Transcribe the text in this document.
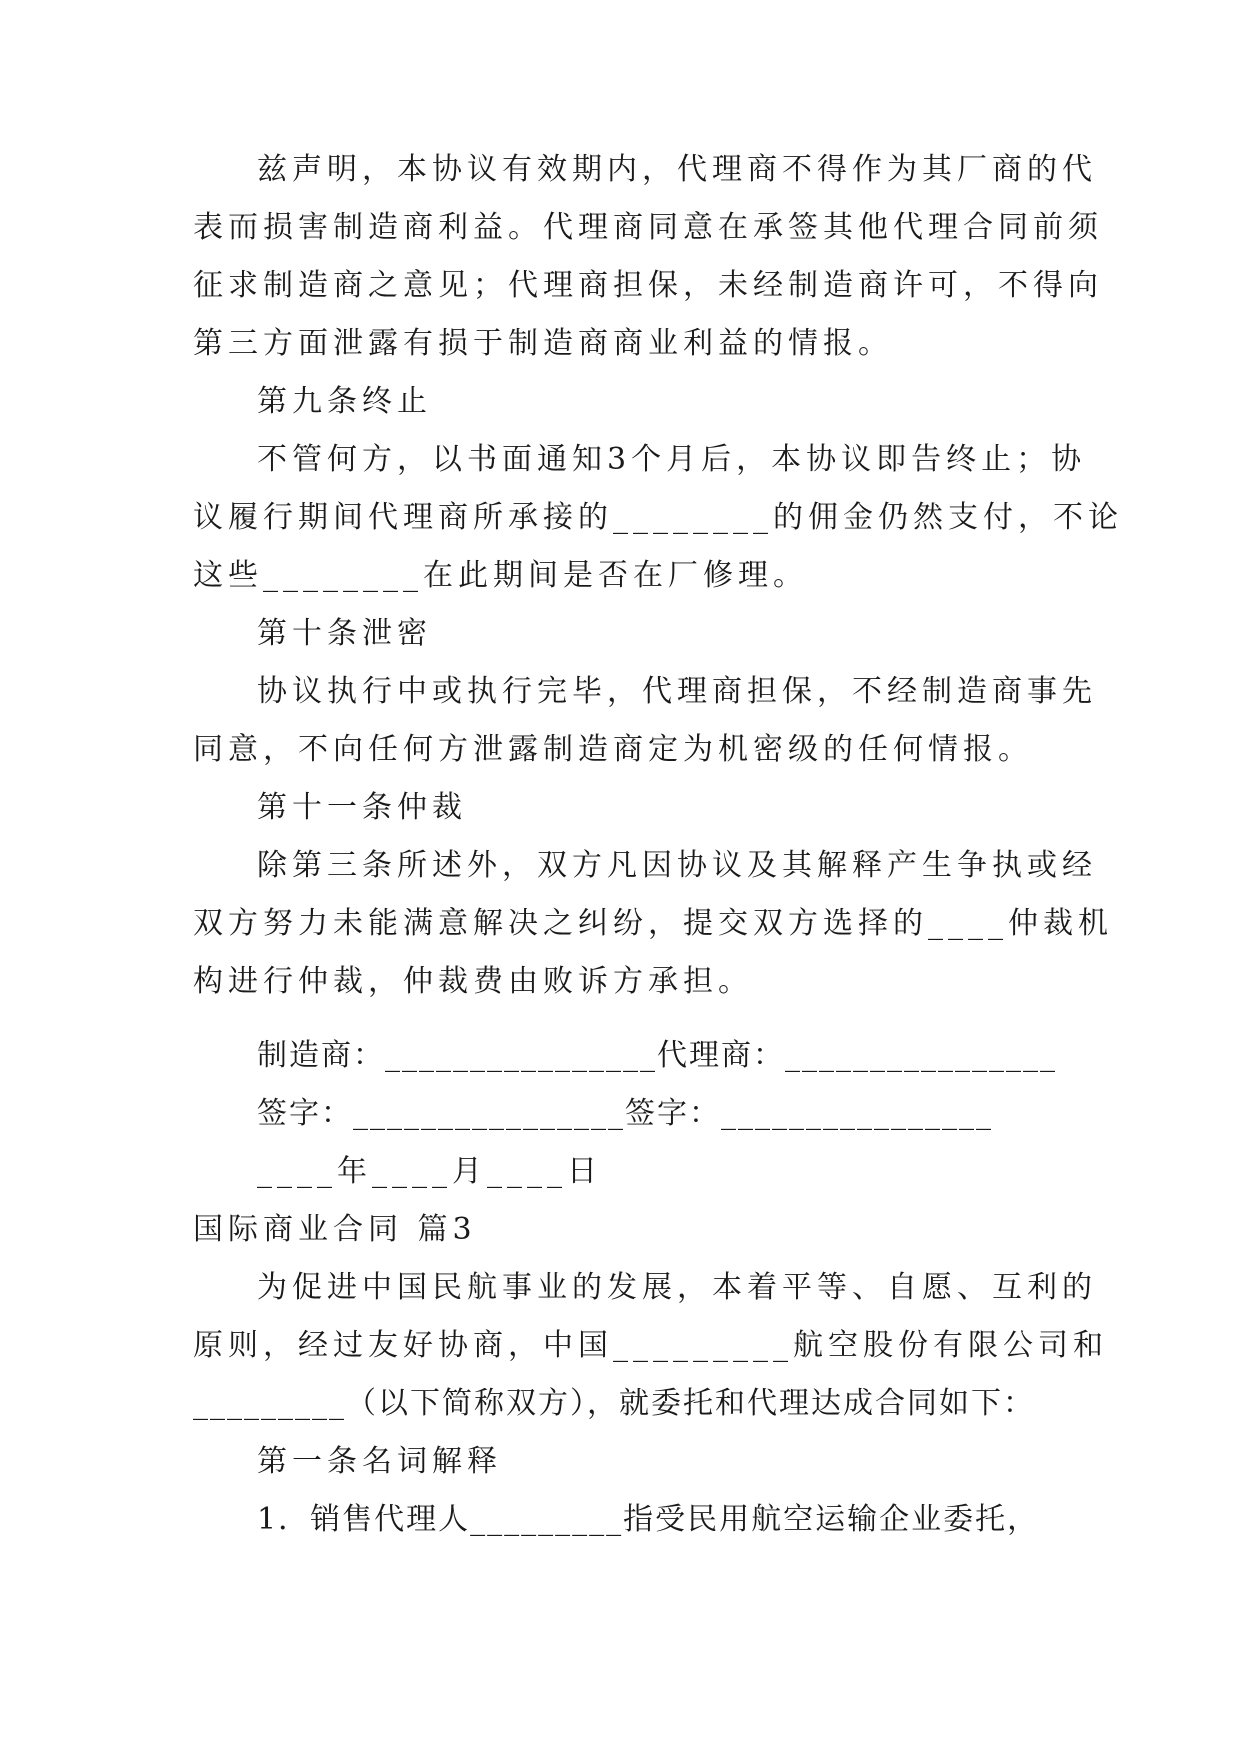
兹声明，本协议有效期内，代理商不得作为其厂商的代
表而损害制造商利益。代理商同意在承签其他代理合同前须
征求制造商之意见；代理商担保，未经制造商许可，不得向
第三方面泄露有损于制造商商业利益的情报。
第九条终止
不管何方，以书面通知3个月后，本协议即告终止；协
议履行期间代理商所承接的________的佣金仍然支付，不论
这些________在此期间是否在厂修理。
第十条泄密
协议执行中或执行完毕，代理商担保，不经制造商事先
同意，不向任何方泄露制造商定为机密级的任何情报。
第十一条仲裁
除第三条所述外，双方凡因协议及其解释产生争执或经
双方努力未能满意解决之纠纷，提交双方选择的____仲裁机
构进行仲裁，仲裁费由败诉方承担。
制造商：________________代理商：________________
签字：________________签字：________________
____年____月____日
国际商业合同 篇3
为促进中国民航事业的发展，本着平等、自愿、互利的
原则，经过友好协商，中国_________航空股份有限公司和
_________（以下简称双方），就委托和代理达成合同如下：
第一条名词解释
1．销售代理人_________指受民用航空运输企业委托，
